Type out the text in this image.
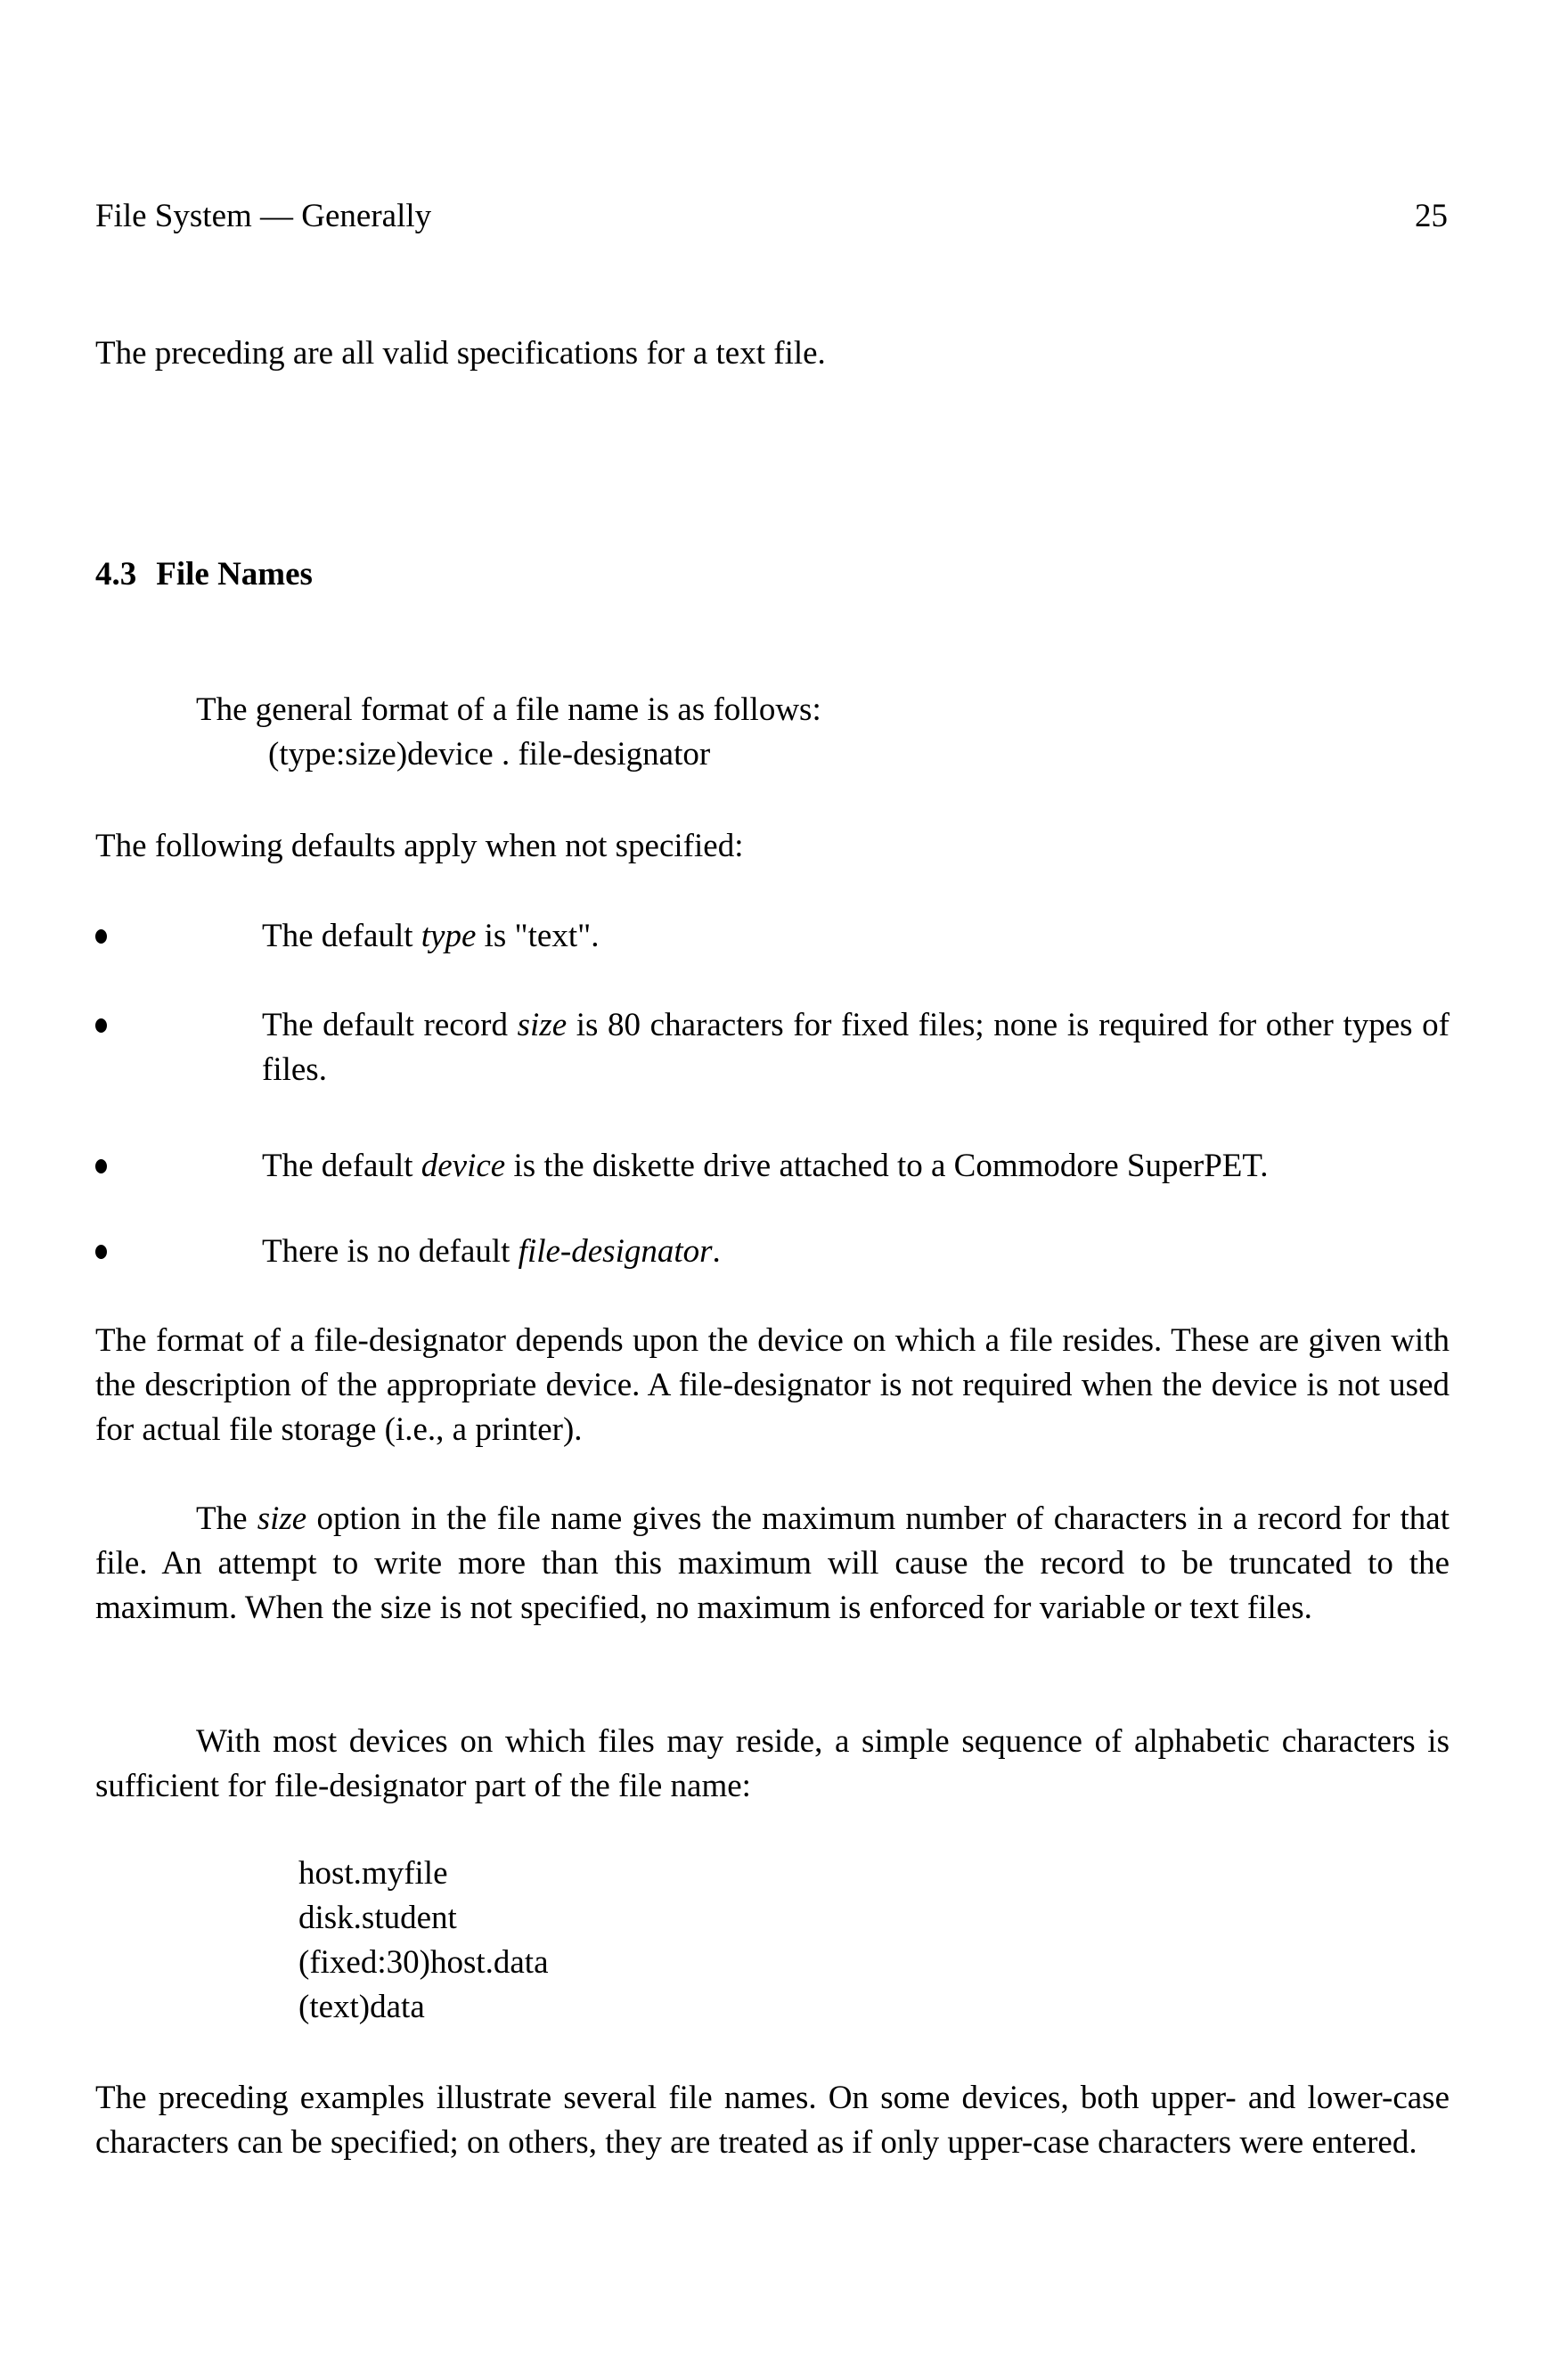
File System — Generally	25
The preceding are all valid specifications for a text file.
4.3 File Names
The general format of a file name is as follows:
(type:size)device . file-designator
The following defaults apply when not specified:
The default type is "text".
The default record size is 80 characters for fixed files; none is required for other types of files.
The default device is the diskette drive attached to a Commodore SuperPET.
There is no default file-designator.
The format of a file-designator depends upon the device on which a file resides. These are given with the description of the appropriate device. A file-designator is not required when the device is not used for actual file storage (i.e., a printer).
The size option in the file name gives the maximum number of characters in a record for that file. An attempt to write more than this maximum will cause the record to be truncated to the maximum. When the size is not specified, no maximum is enforced for variable or text files.
With most devices on which files may reside, a simple sequence of alphabetic characters is sufficient for file-designator part of the file name:
host.myfile
disk.student
(fixed:30)host.data
(text)data
The preceding examples illustrate several file names. On some devices, both upper- and lower-case characters can be specified; on others, they are treated as if only upper-case characters were entered.
